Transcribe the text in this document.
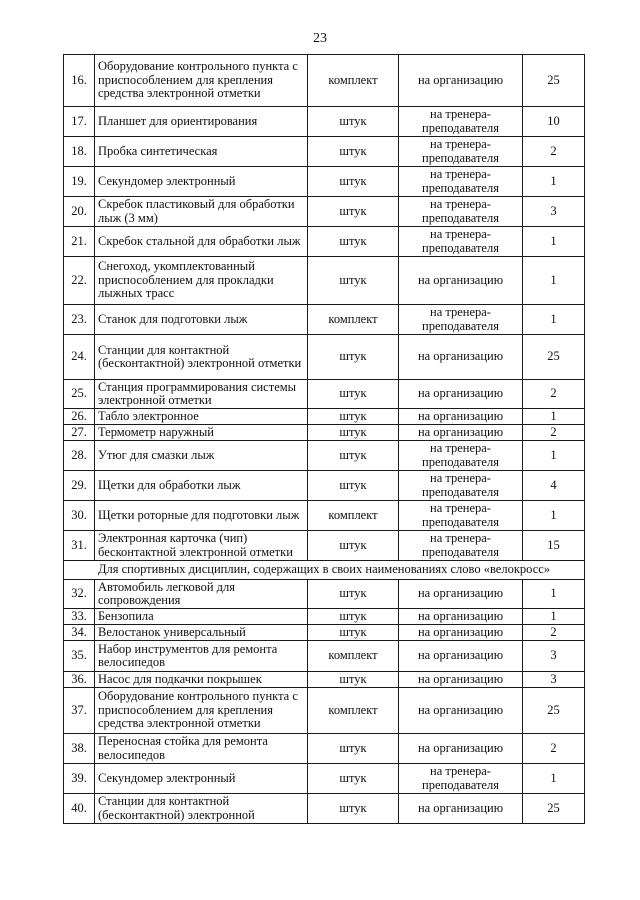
23
16.	Оборудование контрольного пункта с приспособлением для крепления средства электронной отметки	комплект	на организацию	25
17.	Планшет для ориентирования	штук	на тренера-преподавателя	10
18.	Пробка синтетическая	штук	на тренера-преподавателя	2
19.	Секундомер электронный	штук	на тренера-преподавателя	1
20.	Скребок пластиковый для обработки лыж (3 мм)	штук	на тренера-преподавателя	3
21.	Скребок стальной для обработки лыж	штук	на тренера-преподавателя	1
22.	Снегоход, укомплектованный приспособлением для прокладки лыжных трасс	штук	на организацию	1
23.	Станок для подготовки лыж	комплект	на тренера-преподавателя	1
24.	Станции для контактной (бесконтактной) электронной отметки	штук	на организацию	25
25.	Станция программирования системы электронной отметки	штук	на организацию	2
26.	Табло электронное	штук	на организацию	1
27.	Термометр наружный	штук	на организацию	2
28.	Утюг для смазки лыж	штук	на тренера-преподавателя	1
29.	Щетки для обработки лыж	штук	на тренера-преподавателя	4
30.	Щетки роторные для подготовки лыж	комплект	на тренера-преподавателя	1
31.	Электронная карточка (чип) бесконтактной электронной отметки	штук	на тренера-преподавателя	15
Для спортивных дисциплин, содержащих в своих наименованиях слово «велокросс»				
32.	Автомобиль легковой для сопровождения	штук	на организацию	1
33.	Бензопила	штук	на организацию	1
34.	Велостанок универсальный	штук	на организацию	2
35.	Набор инструментов для ремонта велосипедов	комплект	на организацию	3
36.	Насос для подкачки покрышек	штук	на организацию	3
37.	Оборудование контрольного пункта с приспособлением для крепления средства электронной отметки	комплект	на организацию	25
38.	Переносная стойка для ремонта велосипедов	штук	на организацию	2
39.	Секундомер электронный	штук	на тренера-преподавателя	1
40.	Станции для контактной (бесконтактной) электронной	штук	на организацию	25
